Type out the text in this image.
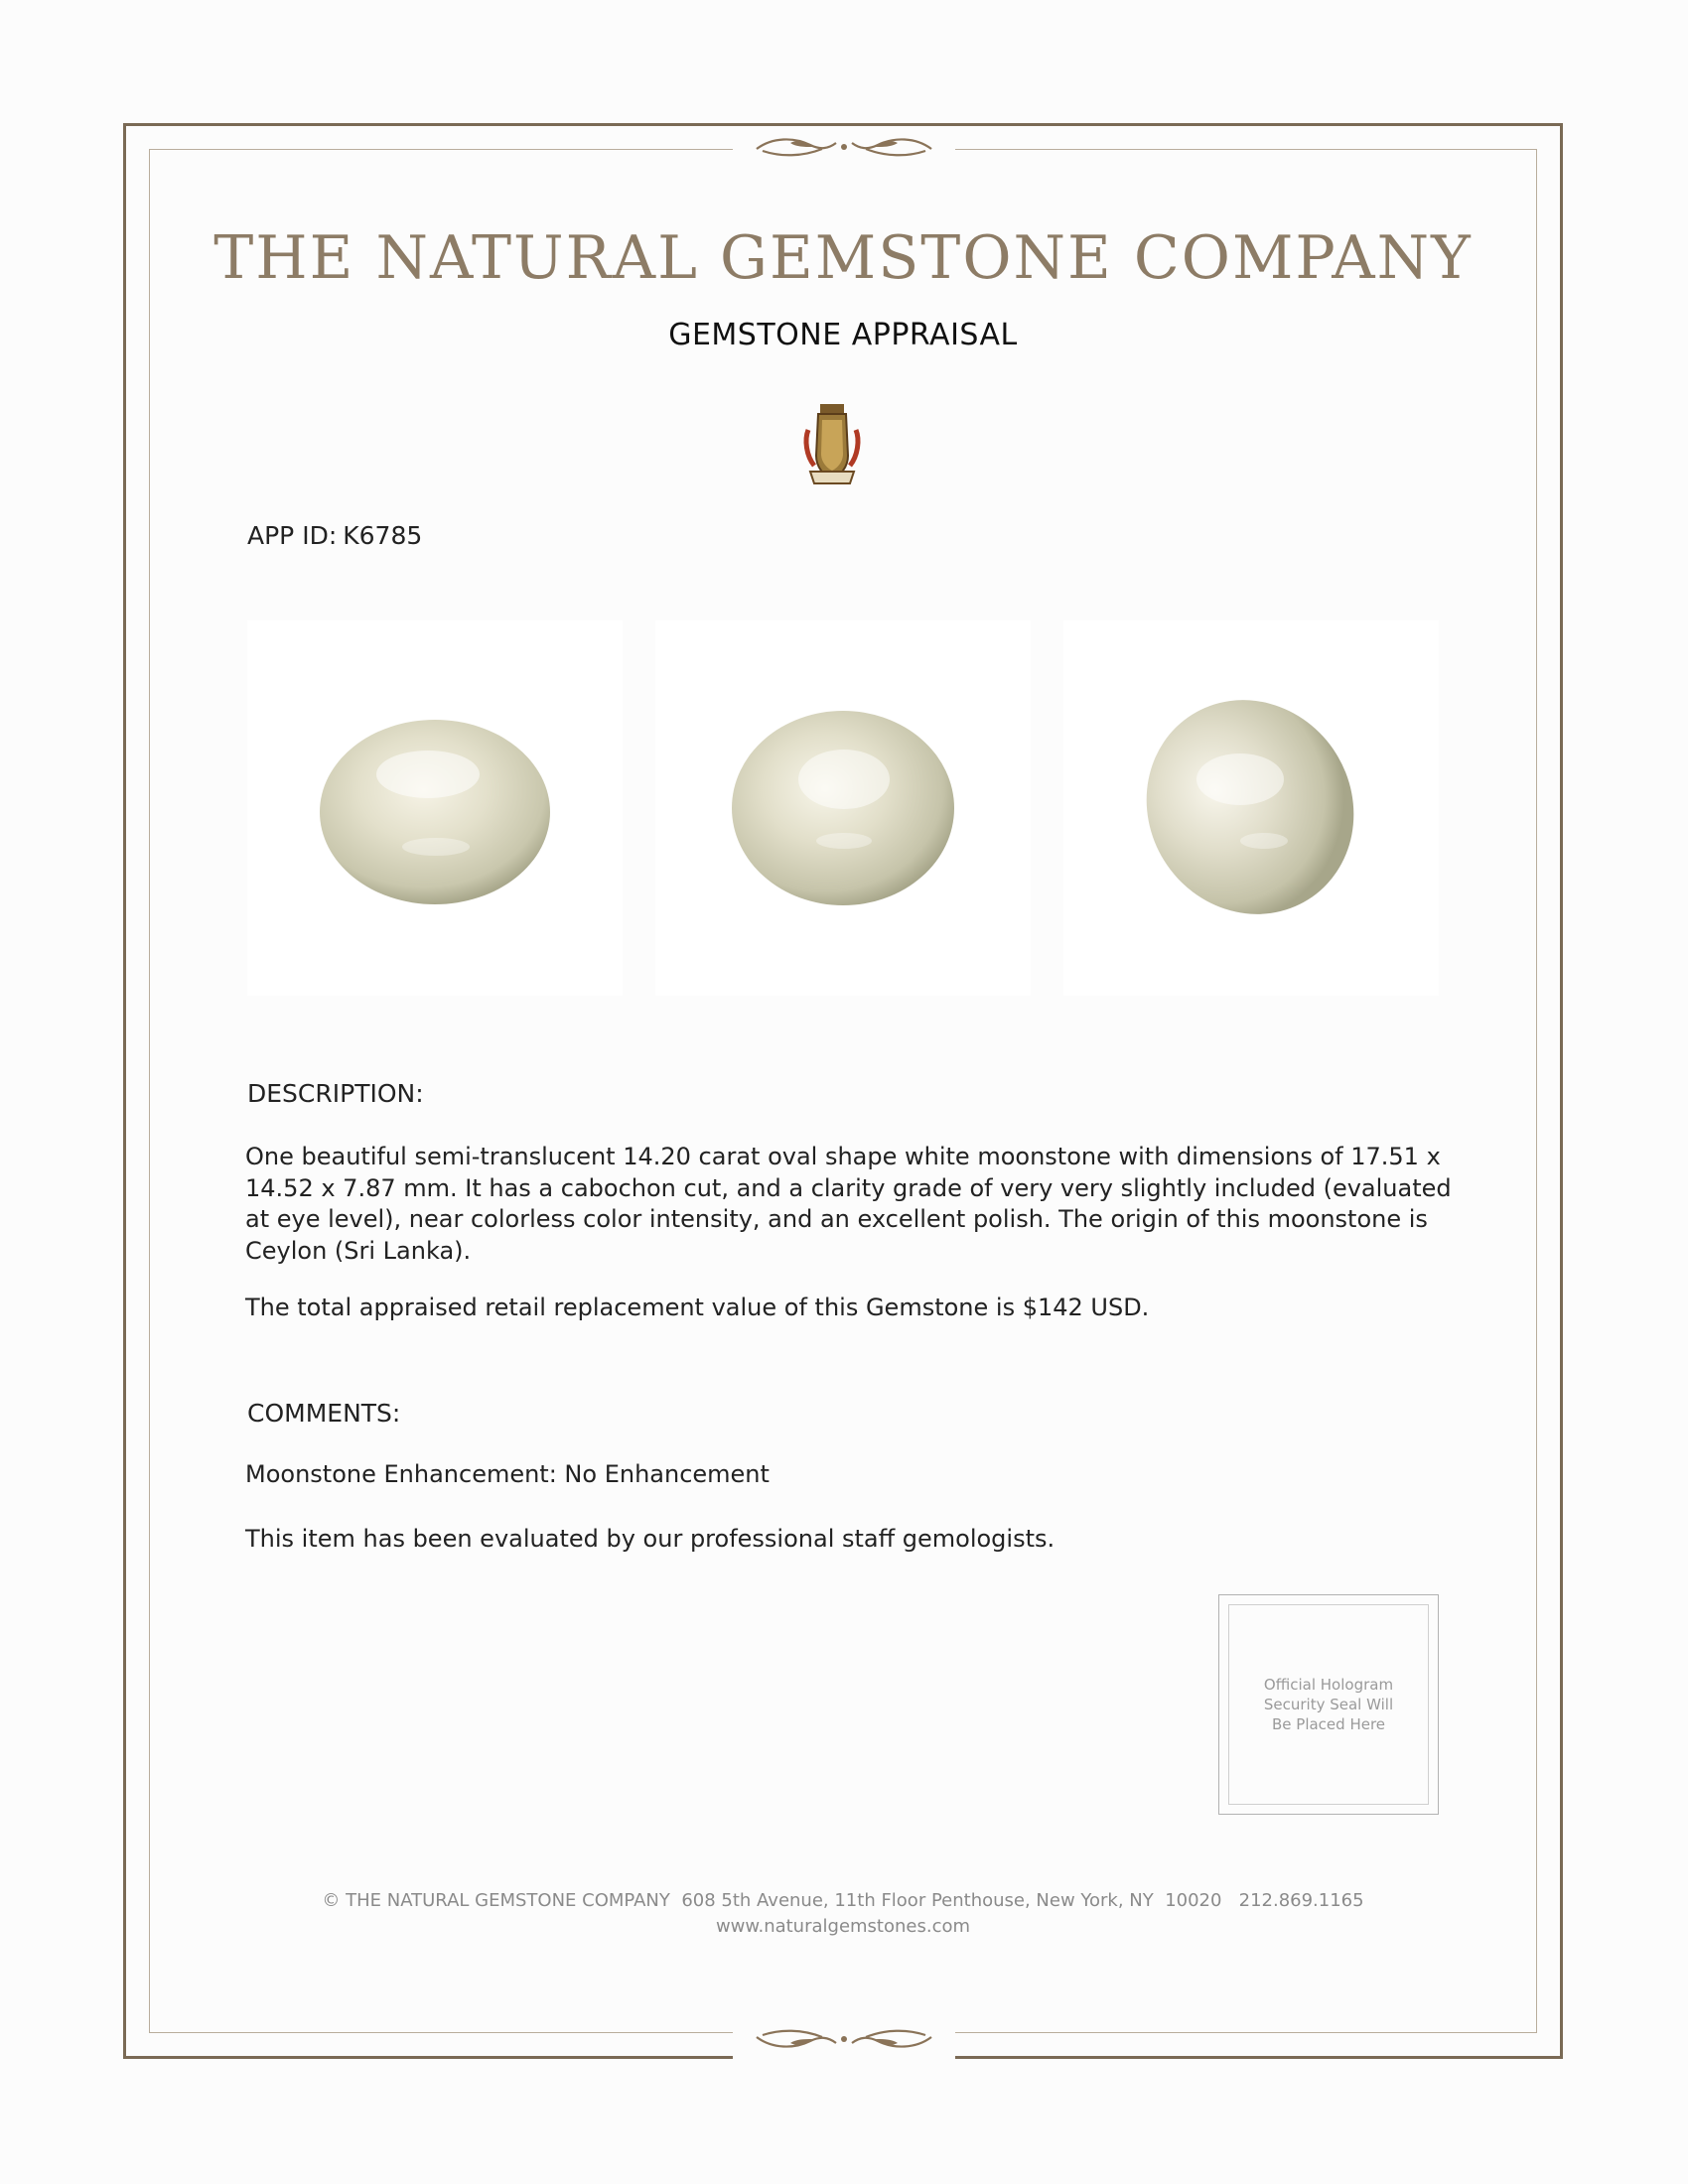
THE NATURAL GEMSTONE COMPANY
GEMSTONE APPRAISAL
APP ID: K6785
DESCRIPTION:
One beautiful semi-translucent 14.20 carat oval shape white moonstone with dimensions of 17.51 x 14.52 x 7.87 mm. It has a cabochon cut, and a clarity grade of very very slightly included (evaluated at eye level), near colorless color intensity, and an excellent polish. The origin of this moonstone is Ceylon (Sri Lanka).
The total appraised retail replacement value of this Gemstone is $142 USD.
COMMENTS:
Moonstone Enhancement: No Enhancement
This item has been evaluated by our professional staff gemologists.
Official Hologram Security Seal Will Be Placed Here
© THE NATURAL GEMSTONE COMPANY  608 5th Avenue, 11th Floor Penthouse, New York, NY  10020   212.869.1165
www.naturalgemstones.com
